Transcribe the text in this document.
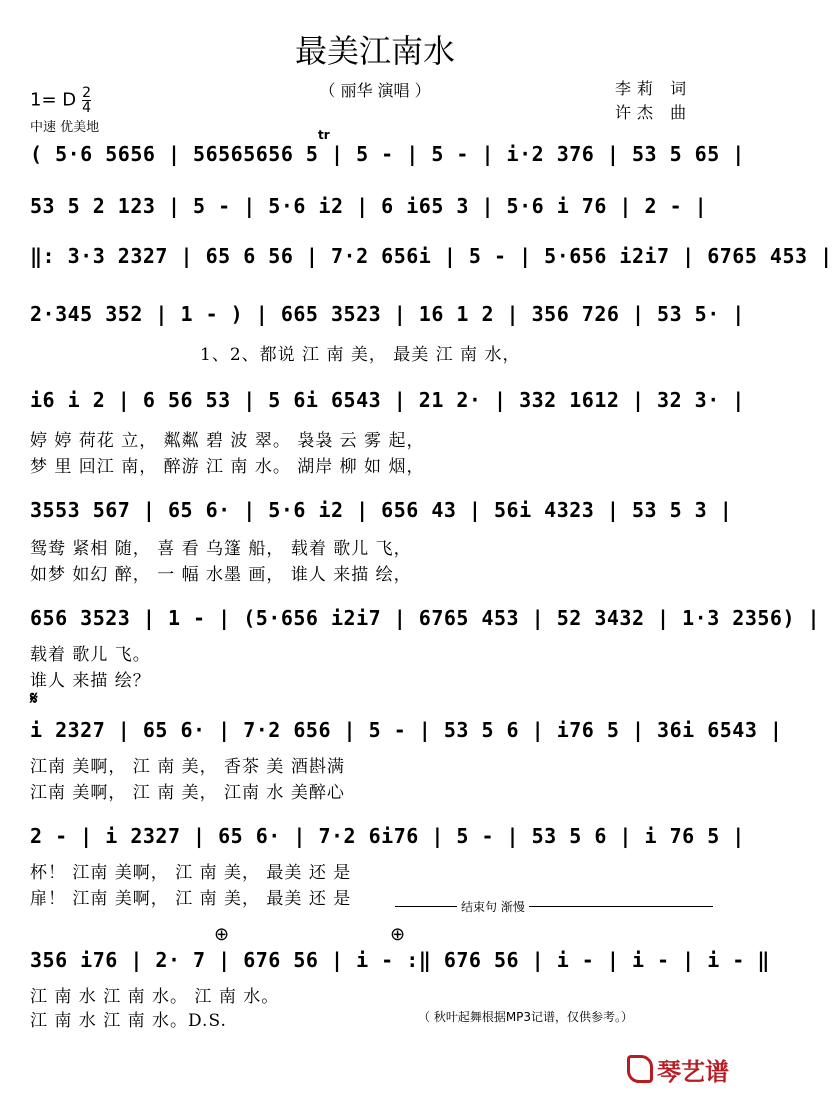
最美江南水
（ 丽华 演唱 ）	李莉 词
许杰 曲
1= D $\frac{2}{4}$
中速 优美地	tr
𝄋
⊕	⊕
结束句 渐慢
( 5·6 5656 | 56565656 5 | 5 - | 5 - | i·2 376 | 53 5 65 |
53 5 2 123 | 5 - | 5·6 i2 | 6 i65 3 | 5·6 i 76 | 2 - |
‖: 3·3 2327 | 65 6 56 | 7·2 656i | 5 - | 5·656 i2i7 | 6765 453 |
2·345 352 | 1 - ) | 665 3523 | 16 1 2 | 356 726 | 53 5· |
1、2、都说 江 南 美， 最美 江 南 水，
i6 i 2 | 6 56 53 | 5 6i 6543 | 21 2· | 332 1612 | 32 3· |
婷 婷 荷花 立， 粼粼 碧 波 翠。 袅袅 云 雾 起，
梦 里 回江 南， 醉游 江 南 水。 湖岸 柳 如 烟，
3553 567 | 65 6· | 5·6 i2 | 656 43 | 56i 4323 | 53 5 3 |
鸳鸯 紧相 随， 喜 看 乌篷 船， 载着 歌儿 飞，
如梦 如幻 醉， 一 幅 水墨 画， 谁人 来描 绘，
656 3523 | 1 - | (5·656 i2i7 | 6765 453 | 52 3432 | 1·3 2356) |
载着 歌儿 飞。
谁人 来描 绘？
i 2327 | 65 6· | 7·2 656 | 5 - | 53 5 6 | i76 5 | 36i 6543 |
江南 美啊， 江 南 美， 香茶 美 酒斟满
江南 美啊， 江 南 美， 江南 水 美醉心
2 - | i 2327 | 65 6· | 7·2 6i76 | 5 - | 53 5 6 | i 76 5 |
杯！ 江南 美啊， 江 南 美， 最美 还 是
扉！ 江南 美啊， 江 南 美， 最美 还 是
356 i76 | 2· 7 | 676 56 | i - :‖ 676 56 | i - | i - | i - ‖
江 南 水 江 南 水。 江 南 水。
江 南 水 江 南 水。D.S.	（ 秋叶起舞根据MP3记谱，仅供参考。）
琴艺谱
